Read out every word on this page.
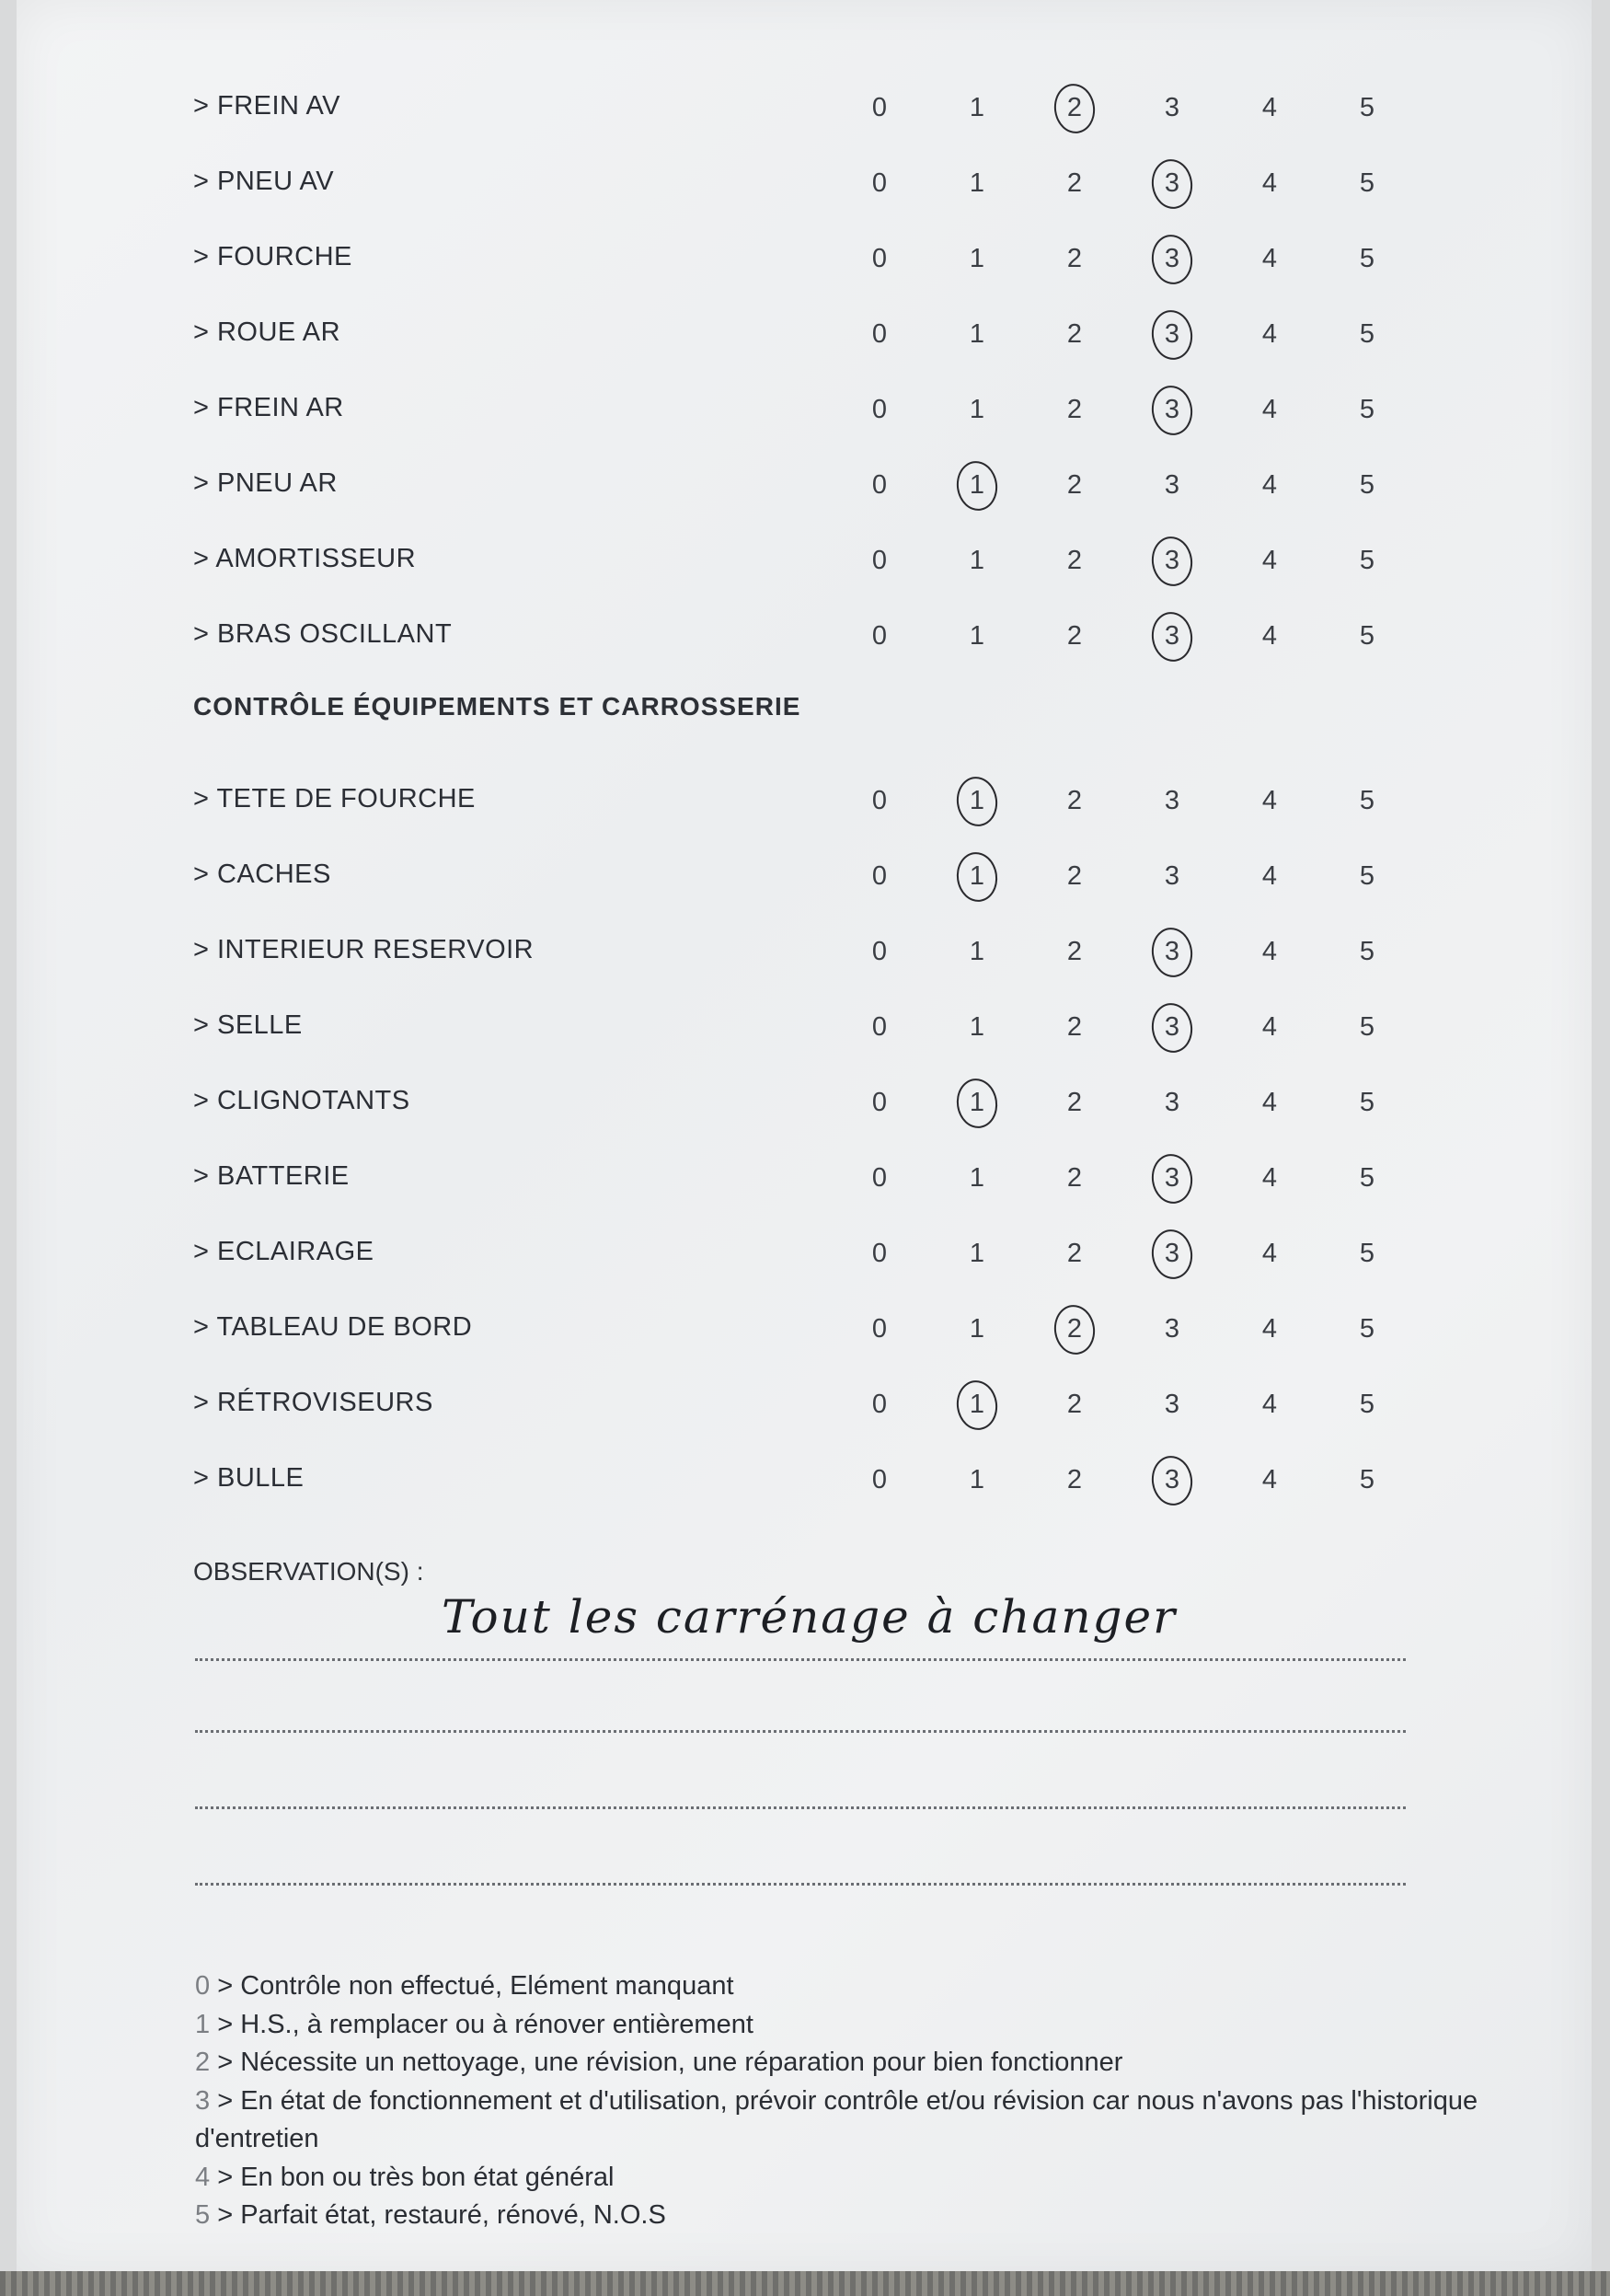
> FREIN AV	0	1	2	3	4	5
> PNEU AV	0	1	2	3	4	5
> FOURCHE	0	1	2	3	4	5
> ROUE AR	0	1	2	3	4	5
> FREIN AR	0	1	2	3	4	5
> PNEU AR	0	1	2	3	4	5
> AMORTISSEUR	0	1	2	3	4	5
> BRAS OSCILLANT	0	1	2	3	4	5
CONTRÔLE ÉQUIPEMENTS ET CARROSSERIE
> TETE DE FOURCHE	0	1	2	3	4	5
> CACHES	0	1	2	3	4	5
> INTERIEUR RESERVOIR	0	1	2	3	4	5
> SELLE	0	1	2	3	4	5
> CLIGNOTANTS	0	1	2	3	4	5
> BATTERIE	0	1	2	3	4	5
> ECLAIRAGE	0	1	2	3	4	5
> TABLEAU DE BORD	0	1	2	3	4	5
> RÉTROVISEURS	0	1	2	3	4	5
> BULLE	0	1	2	3	4	5
OBSERVATION(S) :
Tout les carrénage à changer
0 > Contrôle non effectué, Elément manquant
1 > H.S., à remplacer ou à rénover entièrement
2 > Nécessite un nettoyage, une révision, une réparation pour bien fonctionner
3 > En état de fonctionnement et d'utilisation, prévoir contrôle et/ou révision car nous n'avons pas l'historique d'entretien
4 > En bon ou très bon état général
5 > Parfait état, restauré, rénové, N.O.S
